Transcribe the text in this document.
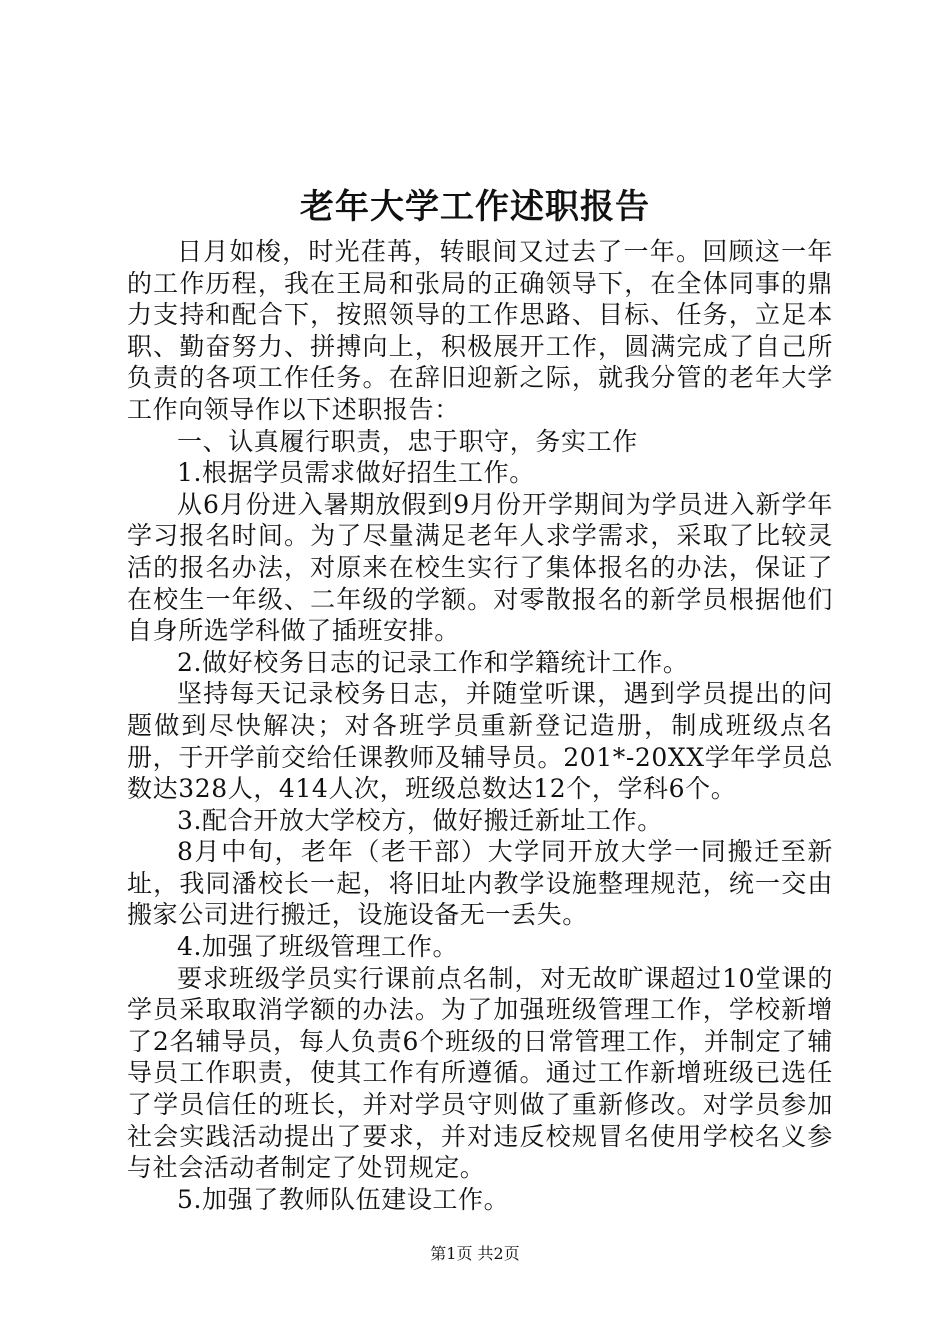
老年大学工作述职报告

日月如梭，时光荏苒，转眼间又过去了一年。回顾这一年的工作历程，我在王局和张局的正确领导下，在全体同事的鼎力支持和配合下，按照领导的工作思路、目标、任务，立足本职、勤奋努力、拼搏向上，积极展开工作，圆满完成了自己所负责的各项工作任务。在辞旧迎新之际，就我分管的老年大学工作向领导作以下述职报告：

一、认真履行职责，忠于职守，务实工作

1.根据学员需求做好招生工作。

从6月份进入暑期放假到9月份开学期间为学员进入新学年学习报名时间。为了尽量满足老年人求学需求，采取了比较灵活的报名办法，对原来在校生实行了集体报名的办法，保证了在校生一年级、二年级的学额。对零散报名的新学员根据他们自身所选学科做了插班安排。

2.做好校务日志的记录工作和学籍统计工作。

坚持每天记录校务日志，并随堂听课，遇到学员提出的问题做到尽快解决；对各班学员重新登记造册，制成班级点名册，于开学前交给任课教师及辅导员。201*-20XX学年学员总数达328人，414人次，班级总数达12个，学科6个。

3.配合开放大学校方，做好搬迁新址工作。

8月中旬，老年（老干部）大学同开放大学一同搬迁至新址，我同潘校长一起，将旧址内教学设施整理规范，统一交由搬家公司进行搬迁，设施设备无一丢失。

4.加强了班级管理工作。

要求班级学员实行课前点名制，对无故旷课超过10堂课的学员采取取消学额的办法。为了加强班级管理工作，学校新增了2名辅导员，每人负责6个班级的日常管理工作，并制定了辅导员工作职责，使其工作有所遵循。通过工作新增班级已选任了学员信任的班长，并对学员守则做了重新修改。对学员参加社会实践活动提出了要求，并对违反校规冒名使用学校名义参与社会活动者制定了处罚规定。

5.加强了教师队伍建设工作。

第1页 共2页
